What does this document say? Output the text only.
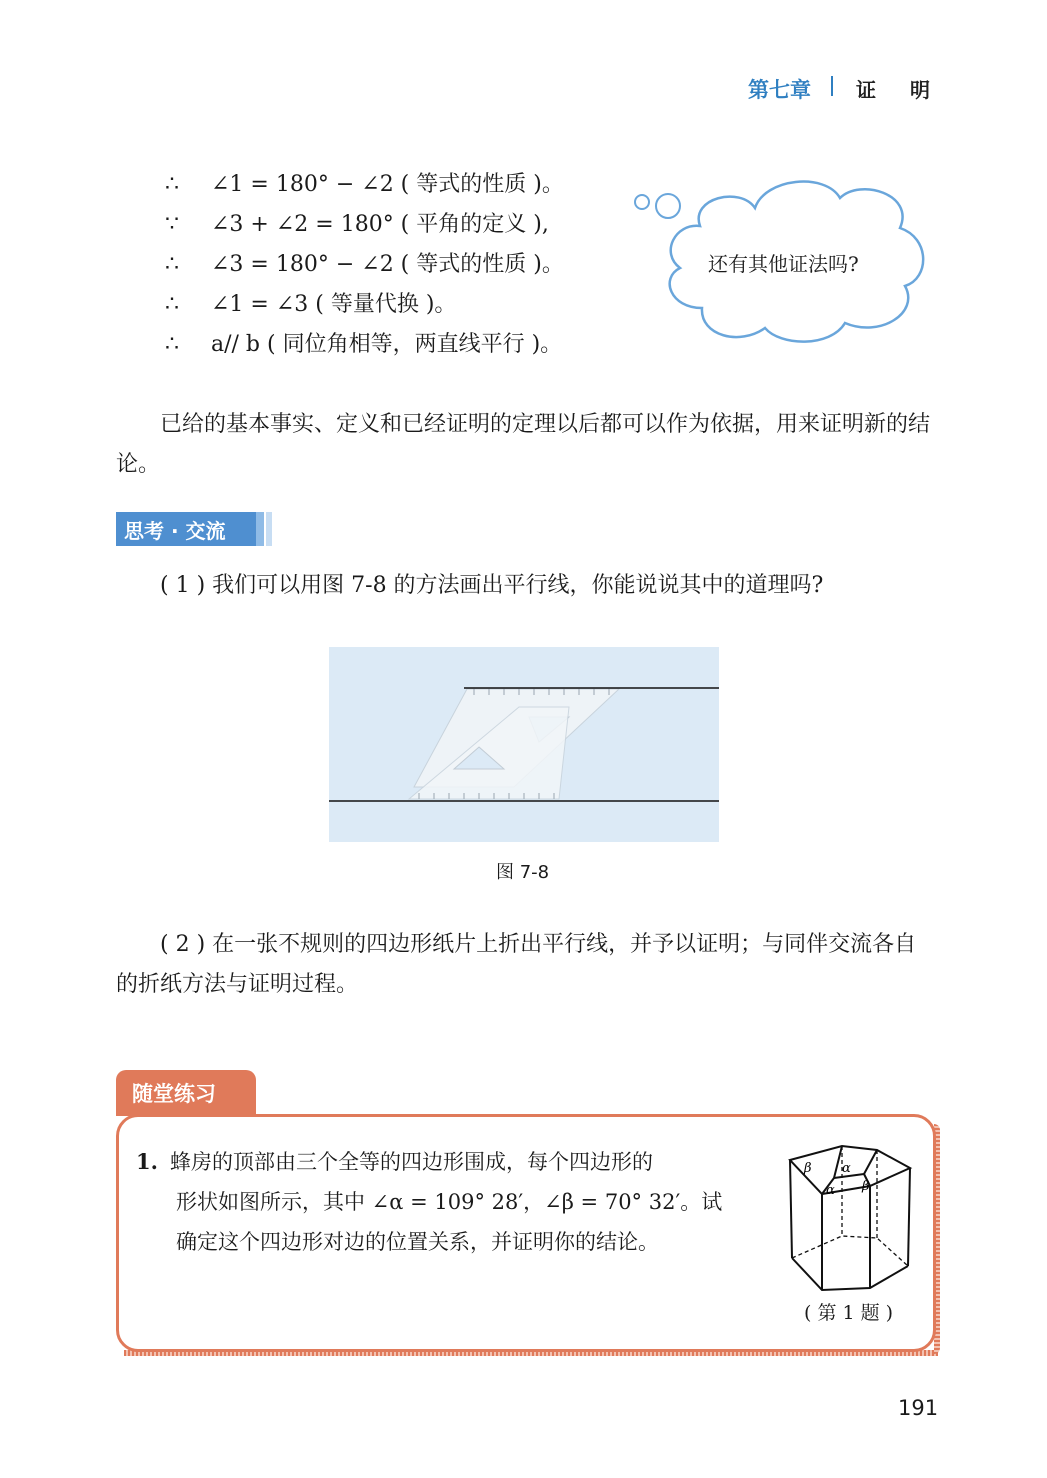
第七章 证明
∴ ∠1 = 180° − ∠2 ( 等式的性质 )。
∵ ∠3 + ∠2 = 180° ( 平角的定义 ),
∴ ∠3 = 180° − ∠2 ( 等式的性质 )。
∴ ∠1 = ∠3 ( 等量代换 )。
∴ a// b ( 同位角相等，两直线平行 )。
还有其他证法吗?
已给的基本事实、定义和已经证明的定理以后都可以作为依据，用来证明新的结论。
思考 · 交流
( 1 ) 我们可以用图 7-8 的方法画出平行线，你能说说其中的道理吗?
图 7-8
( 2 ) 在一张不规则的四边形纸片上折出平行线，并予以证明；与同伴交流各自的折纸方法与证明过程。
随堂练习
1. 蜂房的顶部由三个全等的四边形围成，每个四边形的
形状如图所示，其中 ∠α = 109° 28′，∠β = 70° 32′。试
确定这个四边形对边的位置关系，并证明你的结论。
β α
α β
( 第 1 题 )
191
